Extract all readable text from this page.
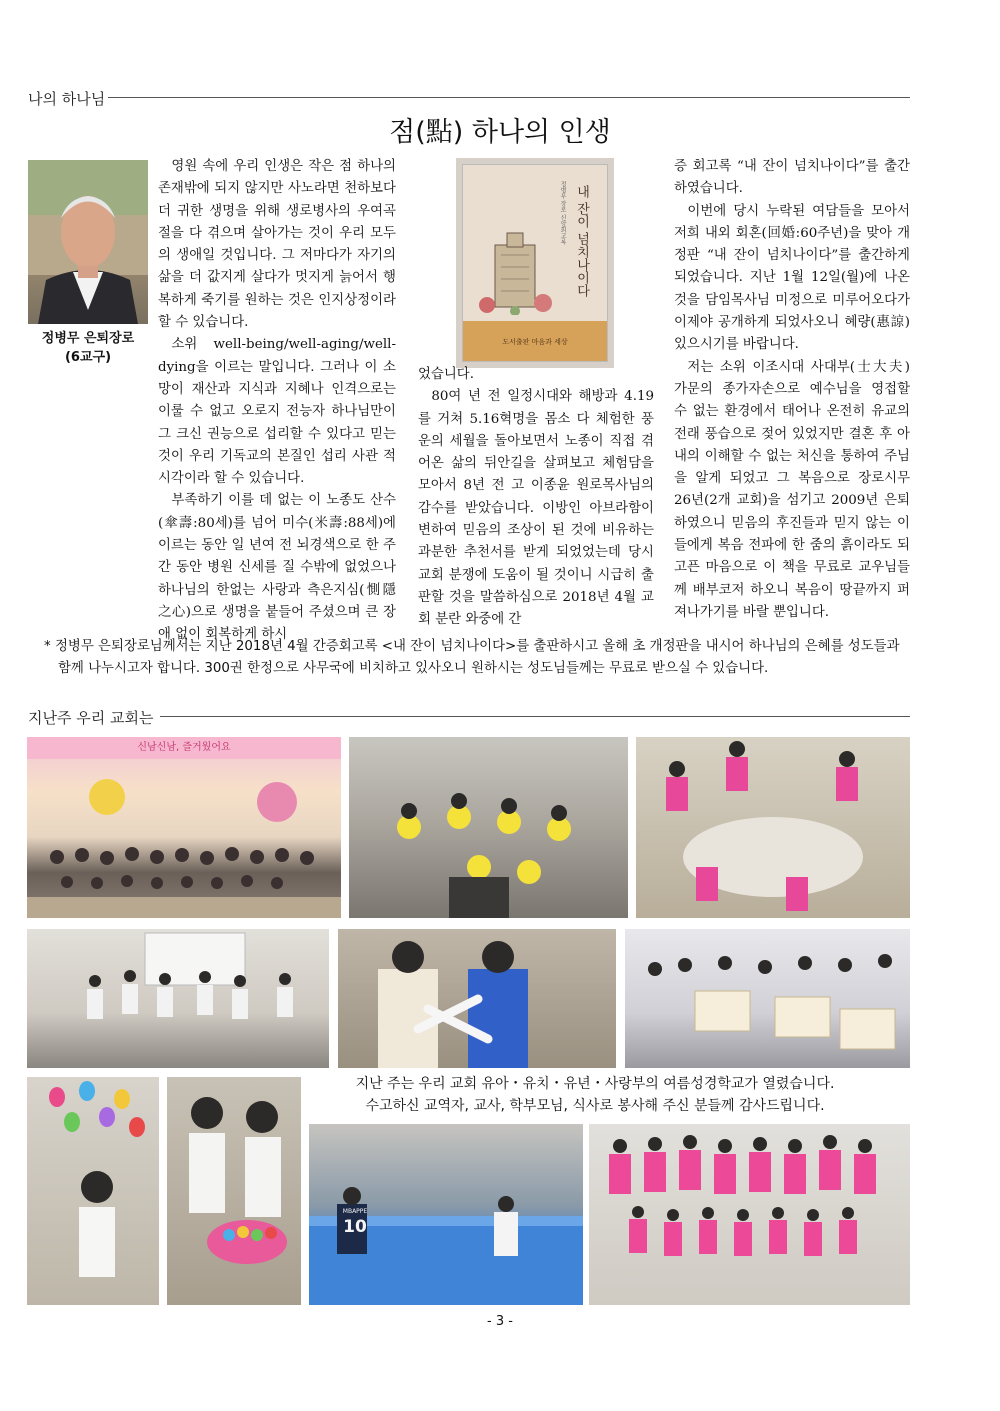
나의 하나님
점(點) 하나의 인생
정병무 은퇴장로
(6교구)

영원 속에 우리 인생은 작은 점 하나의 존재밖에 되지 않지만 사노라면 천하보다 더 귀한 생명을 위해 생로병사의 우여곡절을 다 겪으며 살아가는 것이 우리 모두의 생애일 것입니다. 그 저마다가 자기의 삶을 더 값지게 살다가 멋지게 늙어서 행복하게 죽기를 원하는 것은 인지상정이라 할 수 있습니다.

소위 well-being/well-aging/well-dying을 이르는 말입니다. 그러나 이 소망이 재산과 지식과 지혜나 인격으로는 이룰 수 없고 오로지 전능자 하나님만이 그 크신 권능으로 섭리할 수 있다고 믿는 것이 우리 기독교의 본질인 섭리 사관 적 시각이라 할 수 있습니다.

부족하기 이를 데 없는 이 노종도 산수(傘壽:80세)를 넘어 미수(米壽:88세)에 이르는 동안 일 년여 전 뇌경색으로 한 주간 동안 병원 신세를 질 수밖에 없었으나 하나님의 한없는 사랑과 측은지심(惻隱之心)으로 생명을 붙들어 주셨으며 큰 장애 없이 회복하게 하시

내 잔이 넘치나이다
정병무 장로 신앙회고록
도서출판 마음과 세상

었습니다.

80여 년 전 일정시대와 해방과 4.19를 거쳐 5.16혁명을 몸소 다 체험한 풍운의 세월을 돌아보면서 노종이 직접 겪어온 삶의 뒤안길을 살펴보고 체험담을 모아서 8년 전 고 이종윤 원로목사님의 감수를 받았습니다. 이방인 아브라함이 변하여 믿음의 조상이 된 것에 비유하는 과분한 추천서를 받게 되었었는데 당시 교회 분쟁에 도움이 될 것이니 시급히 출판할 것을 말씀하심으로 2018년 4월 교회 분란 와중에 간

증 회고록 “내 잔이 넘치나이다”를 출간하였습니다.

이번에 당시 누락된 여담들을 모아서 저희 내외 회혼(回婚:60주년)을 맞아 개정판 “내 잔이 넘치나이다”를 출간하게 되었습니다. 지난 1월 12일(월)에 나온 것을 담임목사님 미정으로 미루어오다가 이제야 공개하게 되었사오니 혜량(惠諒)있으시기를 바랍니다.

저는 소위 이조시대 사대부(士大夫) 가문의 종가자손으로 예수님을 영접할 수 없는 환경에서 태어나 온전히 유교의 전래 풍습으로 젖어 있었지만 결혼 후 아내의 이해할 수 없는 처신을 통하여 주님을 알게 되었고 그 복음으로 장로시무 26년(2개 교회)을 섬기고 2009년 은퇴하였으니 믿음의 후진들과 믿지 않는 이들에게 복음 전파에 한 줌의 흙이라도 되고픈 마음으로 이 책을 무료로 교우님들께 배부코저 하오니 복음이 땅끝까지 퍼져나가기를 바랄 뿐입니다.

* 정병무 은퇴장로님께서는 지난 2018년 4월 간증회고록 <내 잔이 넘치나이다>를 출판하시고 올해 초 개정판을 내시어 하나님의 은혜를 성도들과
함께 나누시고자 합니다. 300권 한정으로 사무국에 비치하고 있사오니 원하시는 성도님들께는 무료로 받으실 수 있습니다.
지난주 우리 교회는
신남신남, 즐거웠어요
MBAPPE
10
지난 주는 우리 교회 유아・유치・유년・사랑부의 여름성경학교가 열렸습니다.
수고하신 교역자, 교사, 학부모님, 식사로 봉사해 주신 분들께 감사드립니다.
- 3 -
